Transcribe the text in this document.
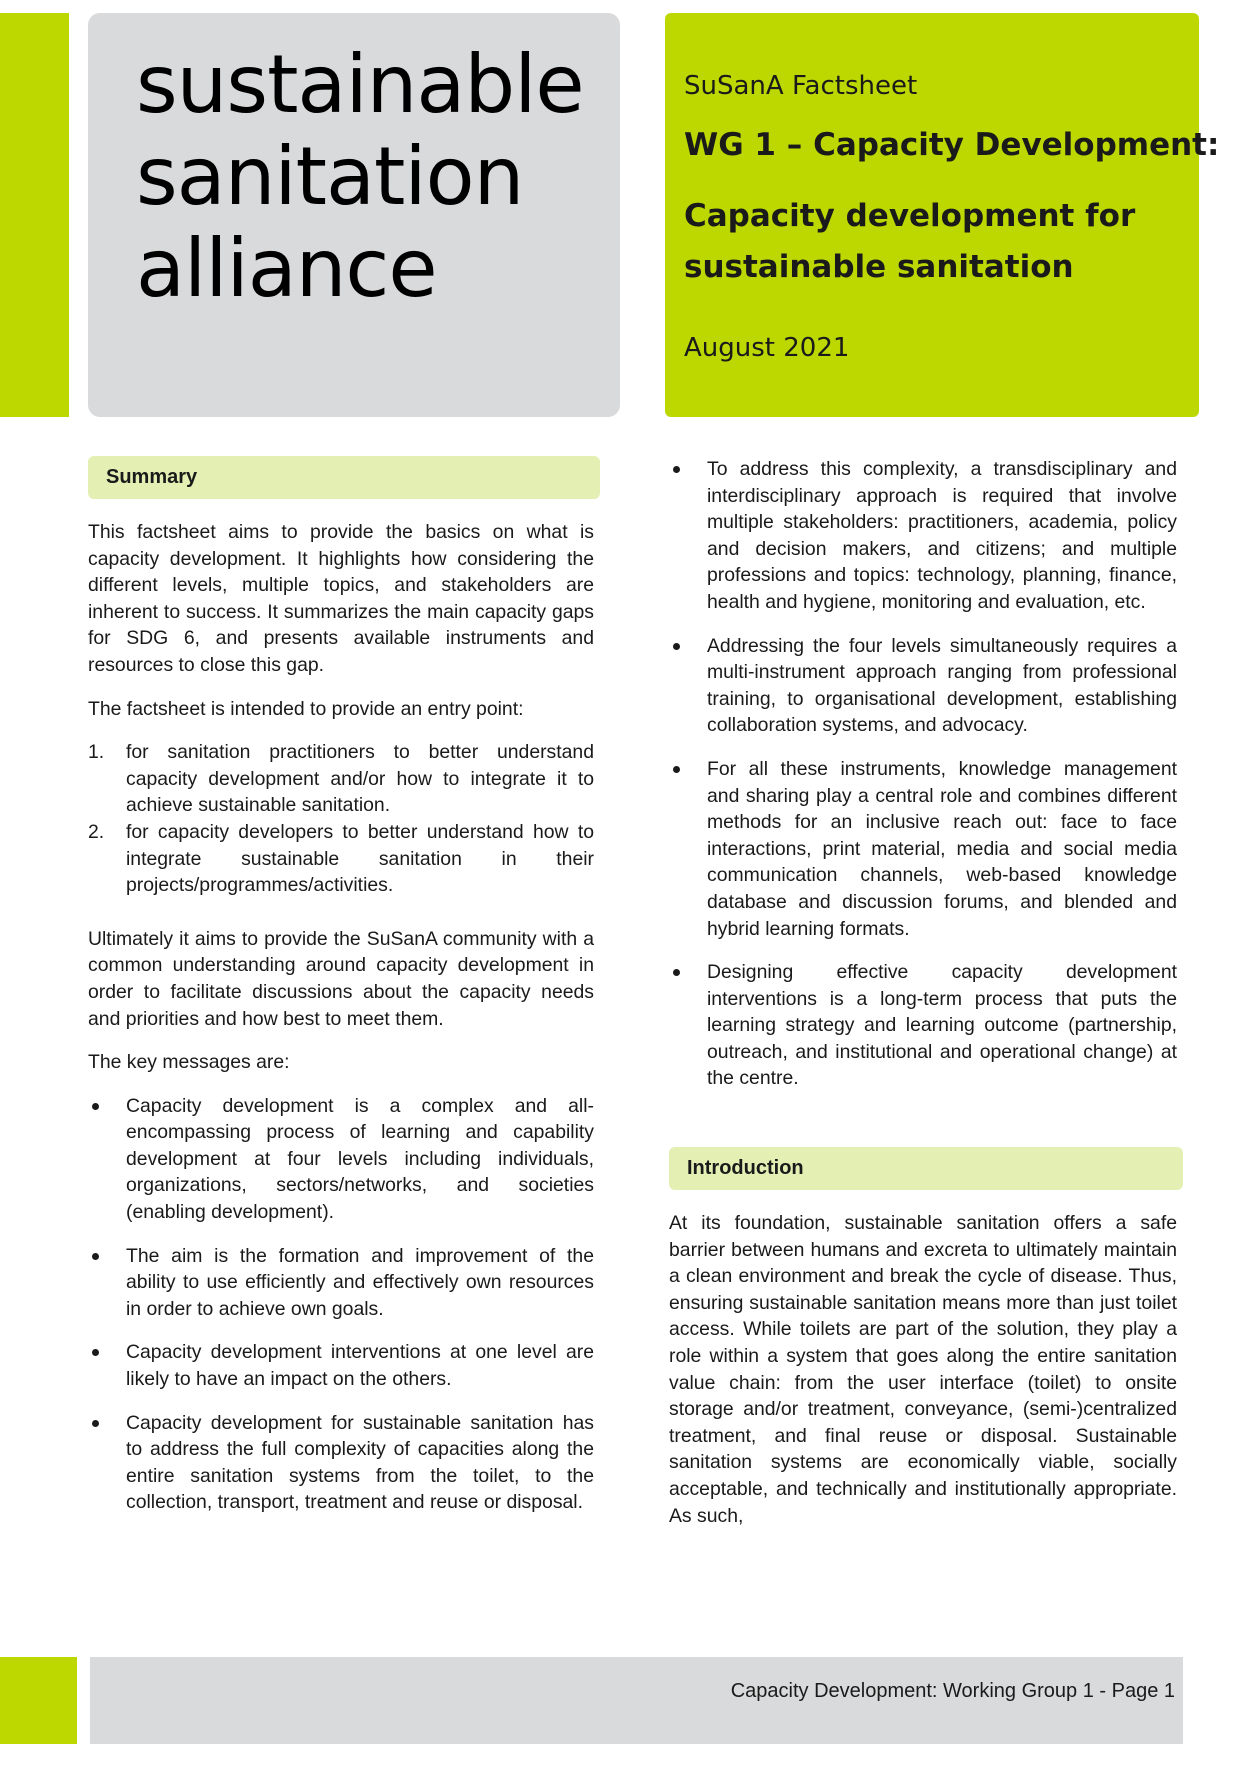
sustainable
sanitation
alliance
SuSanA Factsheet
WG 1 – Capacity Development:
Capacity development for sustainable sanitation
August 2021
Summary

This factsheet aims to provide the basics on what is capacity development. It highlights how considering the different levels, multiple topics, and stakeholders are inherent to success. It summarizes the main capacity gaps for SDG 6, and presents available instruments and resources to close this gap.

The factsheet is intended to provide an entry point:

1. for sanitation practitioners to better understand capacity development and/or how to integrate it to achieve sustainable sanitation.
2. for capacity developers to better understand how to integrate sustainable sanitation in their projects/programmes/activities.

Ultimately it aims to provide the SuSanA community with a common understanding around capacity development in order to facilitate discussions about the capacity needs and priorities and how best to meet them.

The key messages are:

Capacity development is a complex and all-encompassing process of learning and capability development at four levels including individuals, organizations, sectors/networks, and societies (enabling development).
The aim is the formation and improvement of the ability to use efficiently and effectively own resources in order to achieve own goals.
Capacity development interventions at one level are likely to have an impact on the others.
Capacity development for sustainable sanitation has to address the full complexity of capacities along the entire sanitation systems from the toilet, to the collection, transport, treatment and reuse or disposal.
To address this complexity, a transdisciplinary and interdisciplinary approach is required that involve multiple stakeholders: practitioners, academia, policy and decision makers, and citizens; and multiple professions and topics: technology, planning, finance, health and hygiene, monitoring and evaluation, etc.
Addressing the four levels simultaneously requires a multi-instrument approach ranging from professional training, to organisational development, establishing collaboration systems, and advocacy.
For all these instruments, knowledge management and sharing play a central role and combines different methods for an inclusive reach out: face to face interactions, print material, media and social media communication channels, web-based knowledge database and discussion forums, and blended and hybrid learning formats.
Designing effective capacity development interventions is a long-term process that puts the learning strategy and learning outcome (partnership, outreach, and institutional and operational change) at the centre.
Introduction

At its foundation, sustainable sanitation offers a safe barrier between humans and excreta to ultimately maintain a clean environment and break the cycle of disease. Thus, ensuring sustainable sanitation means more than just toilet access. While toilets are part of the solution, they play a role within a system that goes along the entire sanitation value chain: from the user interface (toilet) to onsite storage and/or treatment, conveyance, (semi-)centralized treatment, and final reuse or disposal. Sustainable sanitation systems are economically viable, socially acceptable, and technically and institutionally appropriate. As such,

Capacity Development: Working Group 1 - Page 1
